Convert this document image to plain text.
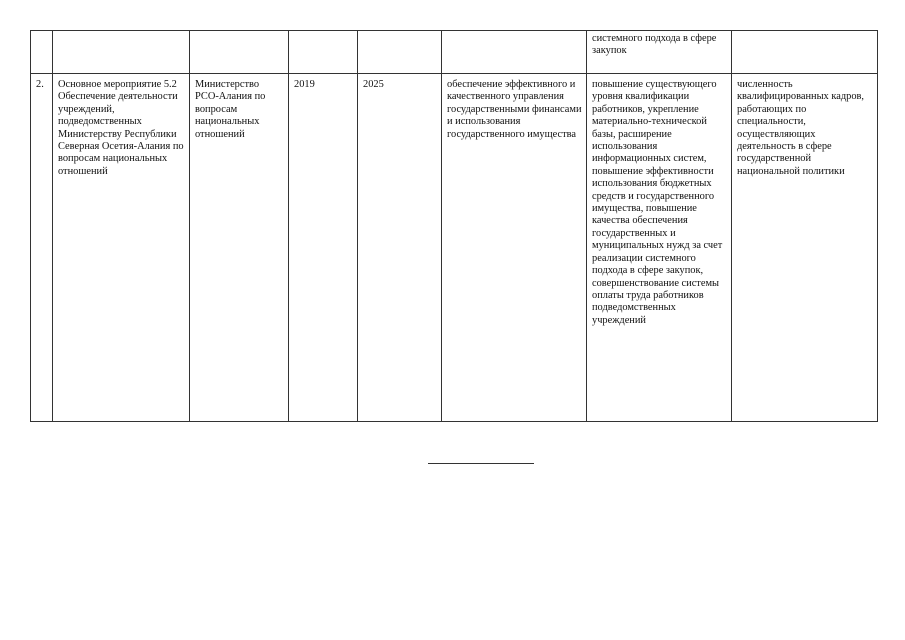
						системного подхода в сфере закупок	

2.	Основное мероприятие 5.2 Обеспечение деятельности учреждений, подведомственных Министерству Республики Северная Осетия-Алания по вопросам национальных отношений	Министерство РСО-Алания по вопросам национальных отношений	2019	2025	обеспечение эффективного и качественного управления государственными финансами и использования государственного имущества	повышение существующего уровня квалификации работников, укрепление материально-технической базы, расширение использования информационных систем, повышение эффективности использования бюджетных средств и государственного имущества, повышение качества обеспечения государственных и муниципальных нужд за счет реализации системного подхода в сфере закупок, совершенствование системы оплаты труда работников подведомственных учреждений	численность квалифицированных кадров, работающих по специальности, осуществляющих деятельность в сфере государственной национальной политики
